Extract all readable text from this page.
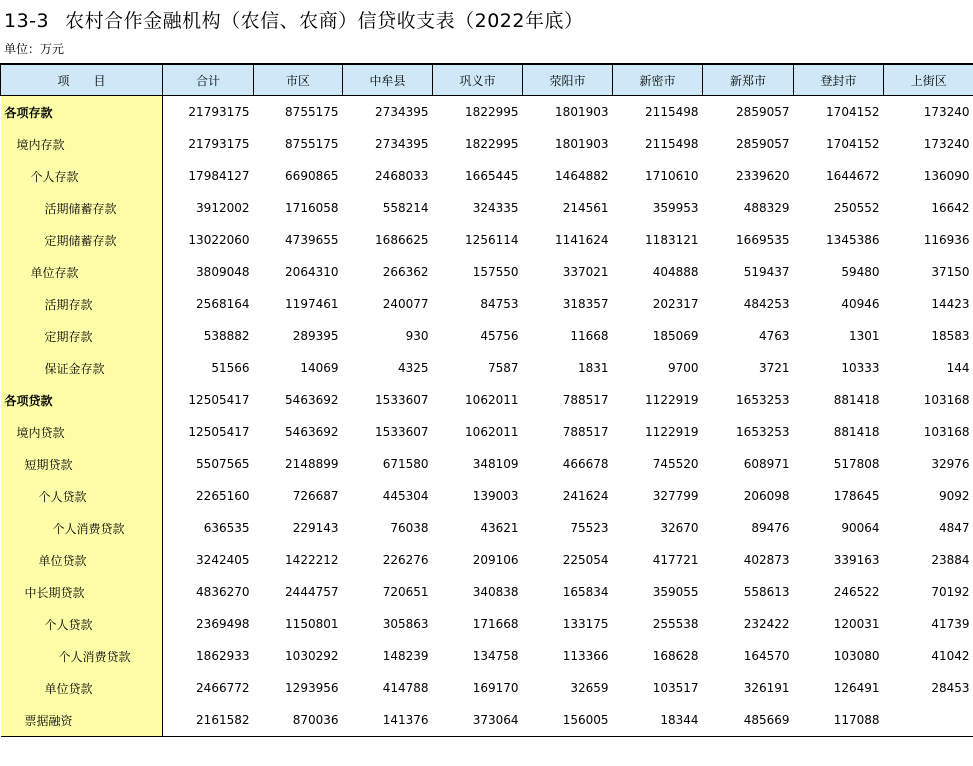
13-3 农村合作金融机构（农信、农商）信贷收支表（2022年底）
单位：万元
项　　目	合计	市区	中牟县	巩义市	荥阳市	新密市	新郑市	登封市	上街区
各项存款	21793175	8755175	2734395	1822995	1801903	2115498	2859057	1704152	173240
境内存款	21793175	8755175	2734395	1822995	1801903	2115498	2859057	1704152	173240
个人存款	17984127	6690865	2468033	1665445	1464882	1710610	2339620	1644672	136090
活期储蓄存款	3912002	1716058	558214	324335	214561	359953	488329	250552	16642
定期储蓄存款	13022060	4739655	1686625	1256114	1141624	1183121	1669535	1345386	116936
单位存款	3809048	2064310	266362	157550	337021	404888	519437	59480	37150
活期存款	2568164	1197461	240077	84753	318357	202317	484253	40946	14423
定期存款	538882	289395	930	45756	11668	185069	4763	1301	18583
保证金存款	51566	14069	4325	7587	1831	9700	3721	10333	144
各项贷款	12505417	5463692	1533607	1062011	788517	1122919	1653253	881418	103168
境内贷款	12505417	5463692	1533607	1062011	788517	1122919	1653253	881418	103168
短期贷款	5507565	2148899	671580	348109	466678	745520	608971	517808	32976
个人贷款	2265160	726687	445304	139003	241624	327799	206098	178645	9092
个人消费贷款	636535	229143	76038	43621	75523	32670	89476	90064	4847
单位贷款	3242405	1422212	226276	209106	225054	417721	402873	339163	23884
中长期贷款	4836270	2444757	720651	340838	165834	359055	558613	246522	70192
个人贷款	2369498	1150801	305863	171668	133175	255538	232422	120031	41739
个人消费贷款	1862933	1030292	148239	134758	113366	168628	164570	103080	41042
单位贷款	2466772	1293956	414788	169170	32659	103517	326191	126491	28453
票据融资	2161582	870036	141376	373064	156005	18344	485669	117088	
